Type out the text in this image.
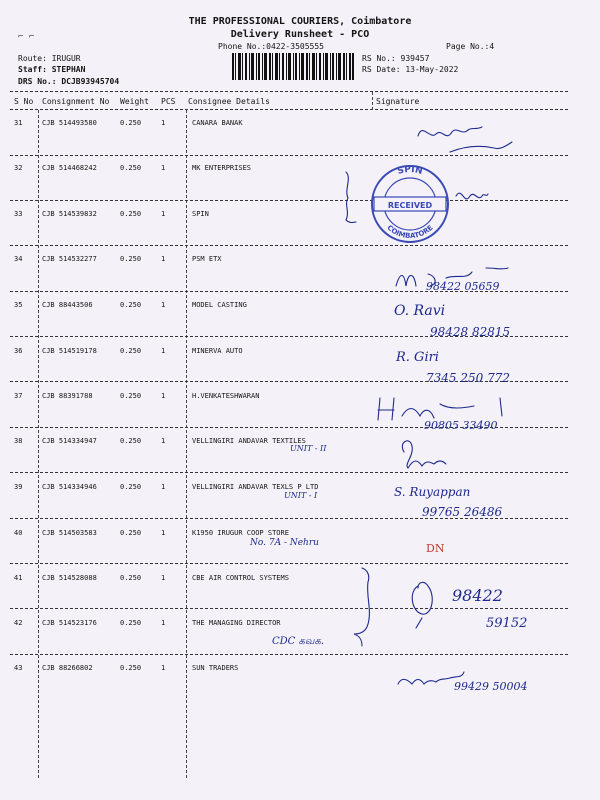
⌐ ⌐
THE PROFESSIONAL COURIERS, Coimbatore
Delivery Runsheet - PCO
Phone No.:0422-3505555	Page No.:4
Route: IRUGUR
Staff: STEPHAN
DRS No.: DCJB93945704
RS No.: 939457
RS Date: 13-May-2022
S No Consignment No Weight PCS Consignee Details	Signature
31	CJB 514493580	0.250	1	CANARA BANAK
32	CJB 514468242	0.250	1	MK ENTERPRISES
33	CJB 514539832	0.250	1	SPIN
34	CJB 514532277	0.250	1	PSM ETX
35	CJB 88443506	0.250	1	MODEL CASTING
36	CJB 514519178	0.250	1	MINERVA AUTO
37	CJB 88391788	0.250	1	H.VENKATESHWARAN
38	CJB 514334947	0.250	1	VELLINGIRI ANDAVAR TEXTILES
39	CJB 514334946	0.250	1	VELLINGIRI ANDAVAR TEXLS P LTD
40	CJB 514503583	0.250	1	K1950 IRUGUR COOP STORE
41	CJB 514528088	0.250	1	CBE AIR CONTROL SYSTEMS
42	CJB 514523176	0.250	1	THE MANAGING DIRECTOR
43	CJB 88266802	0.250	1	SUN TRADERS
UNIT - II
UNIT - I
No. 7A - Nehru
CDC கவக.
SPIN
RECEIVED
COIMBATORE
98422 05659
O. Ravi
98428 82815
R. Giri
7345 250 772
90805 33490
S. Ruyappan
99765 26486
DN
98422
59152
99429 50004
